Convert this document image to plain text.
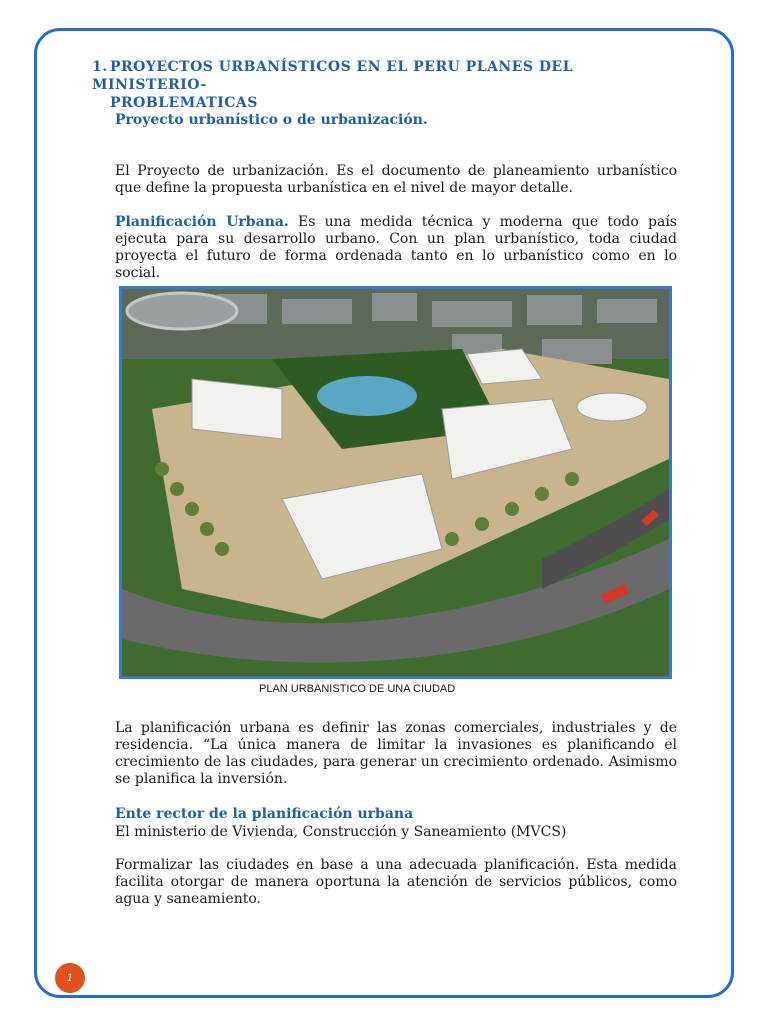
1. PROYECTOS URBANÍSTICOS EN EL PERU PLANES DEL MINISTERIO-
PROBLEMATICAS
Proyecto urbanístico o de urbanización.
El Proyecto de urbanización. Es el documento de planeamiento urbanístico que define la propuesta urbanística en el nivel de mayor detalle.
Planificación Urbana. Es una medida técnica y moderna que todo país ejecuta para su desarrollo urbano. Con un plan urbanístico, toda ciudad proyecta el futuro de forma ordenada tanto en lo urbanístico como en lo social.
PLAN URBANISTICO DE UNA CIUDAD
La planificación urbana es definir las zonas comerciales, industriales y de residencia. “La única manera de limitar la invasiones es planificando el crecimiento de las ciudades, para generar un crecimiento ordenado. Asimismo se planifica la inversión.
Ente rector de la planificación urbana
El ministerio de Vivienda, Construcción y Saneamiento (MVCS)
Formalizar las ciudades en base a una adecuada planificación. Esta medida facilita otorgar de manera oportuna la atención de servicios públicos, como agua y saneamiento.
1
